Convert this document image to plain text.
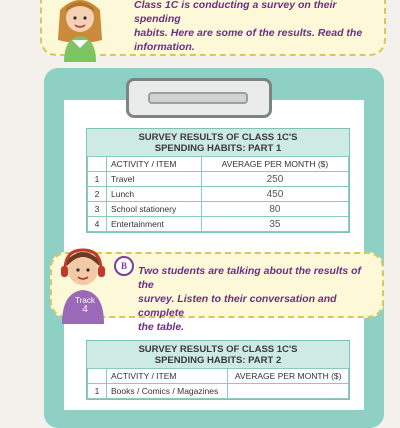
Class 1C is conducting a survey on their spending
habits. Here are some of the results. Read the
information.
SURVEY RESULTS OF CLASS 1C'S
SPENDING HABITS: PART 1
	ACTIVITY / ITEM	AVERAGE PER MONTH ($)
1	Travel	250
2	Lunch	450
3	School stationery	80
4	Entertainment	35
B	Two students are talking about the results of the
survey. Listen to their conversation and complete
the table.
Track
4
SURVEY RESULTS OF CLASS 1C'S
SPENDING HABITS: PART 2
	ACTIVITY / ITEM	AVERAGE PER MONTH ($)
1	Books / Comics / Magazines	
